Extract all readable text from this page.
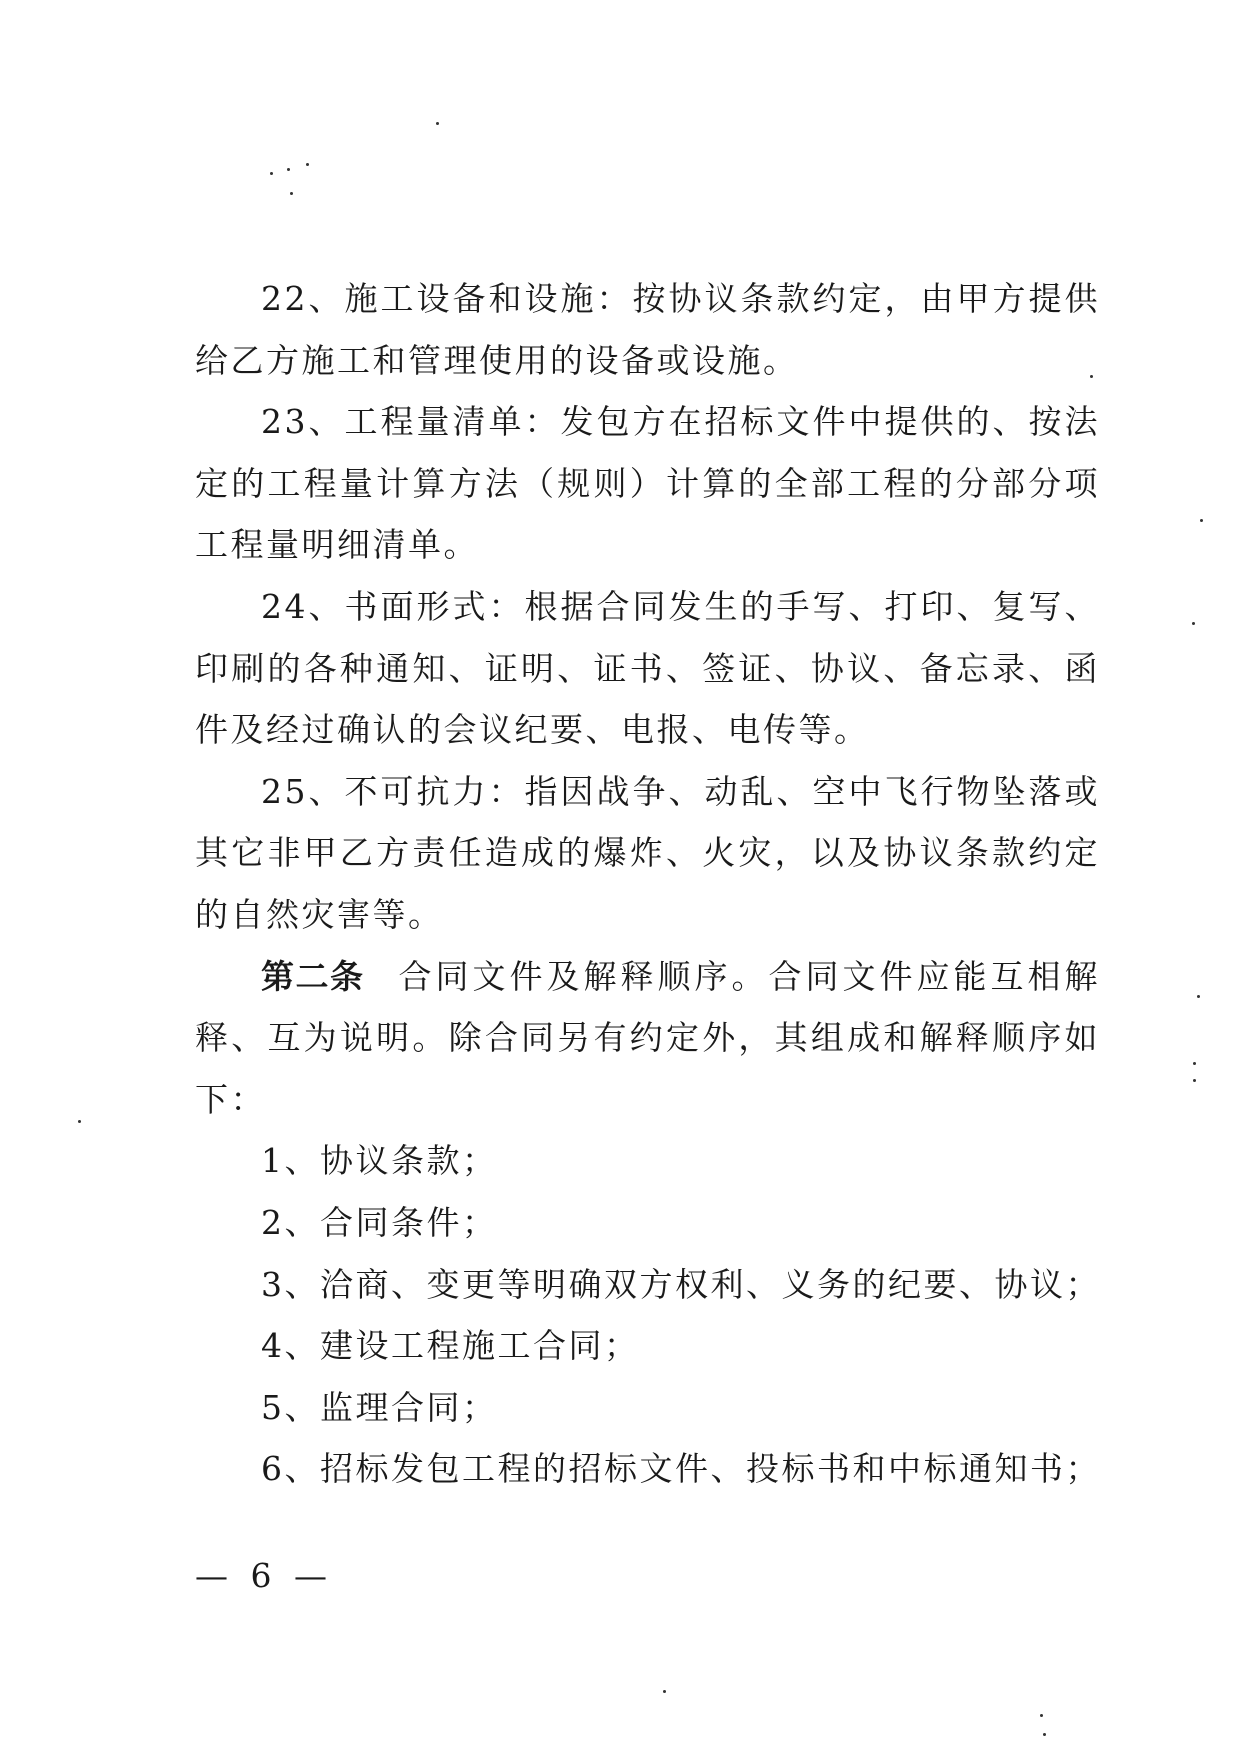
22、施工设备和设施：按协议条款约定，由甲方提供给乙方施工和管理使用的设备或设施。

23、工程量清单：发包方在招标文件中提供的、按法定的工程量计算方法（规则）计算的全部工程的分部分项工程量明细清单。

24、书面形式：根据合同发生的手写、打印、复写、印刷的各种通知、证明、证书、签证、协议、备忘录、函件及经过确认的会议纪要、电报、电传等。

25、不可抗力：指因战争、动乱、空中飞行物坠落或其它非甲乙方责任造成的爆炸、火灾，以及协议条款约定的自然灾害等。

第二条 合同文件及解释顺序。合同文件应能互相解释、互为说明。除合同另有约定外，其组成和解释顺序如下：

1、协议条款；

2、合同条件；

3、洽商、变更等明确双方权利、义务的纪要、协议；

4、建设工程施工合同；

5、监理合同；

6、招标发包工程的招标文件、投标书和中标通知书；

— 6 —
